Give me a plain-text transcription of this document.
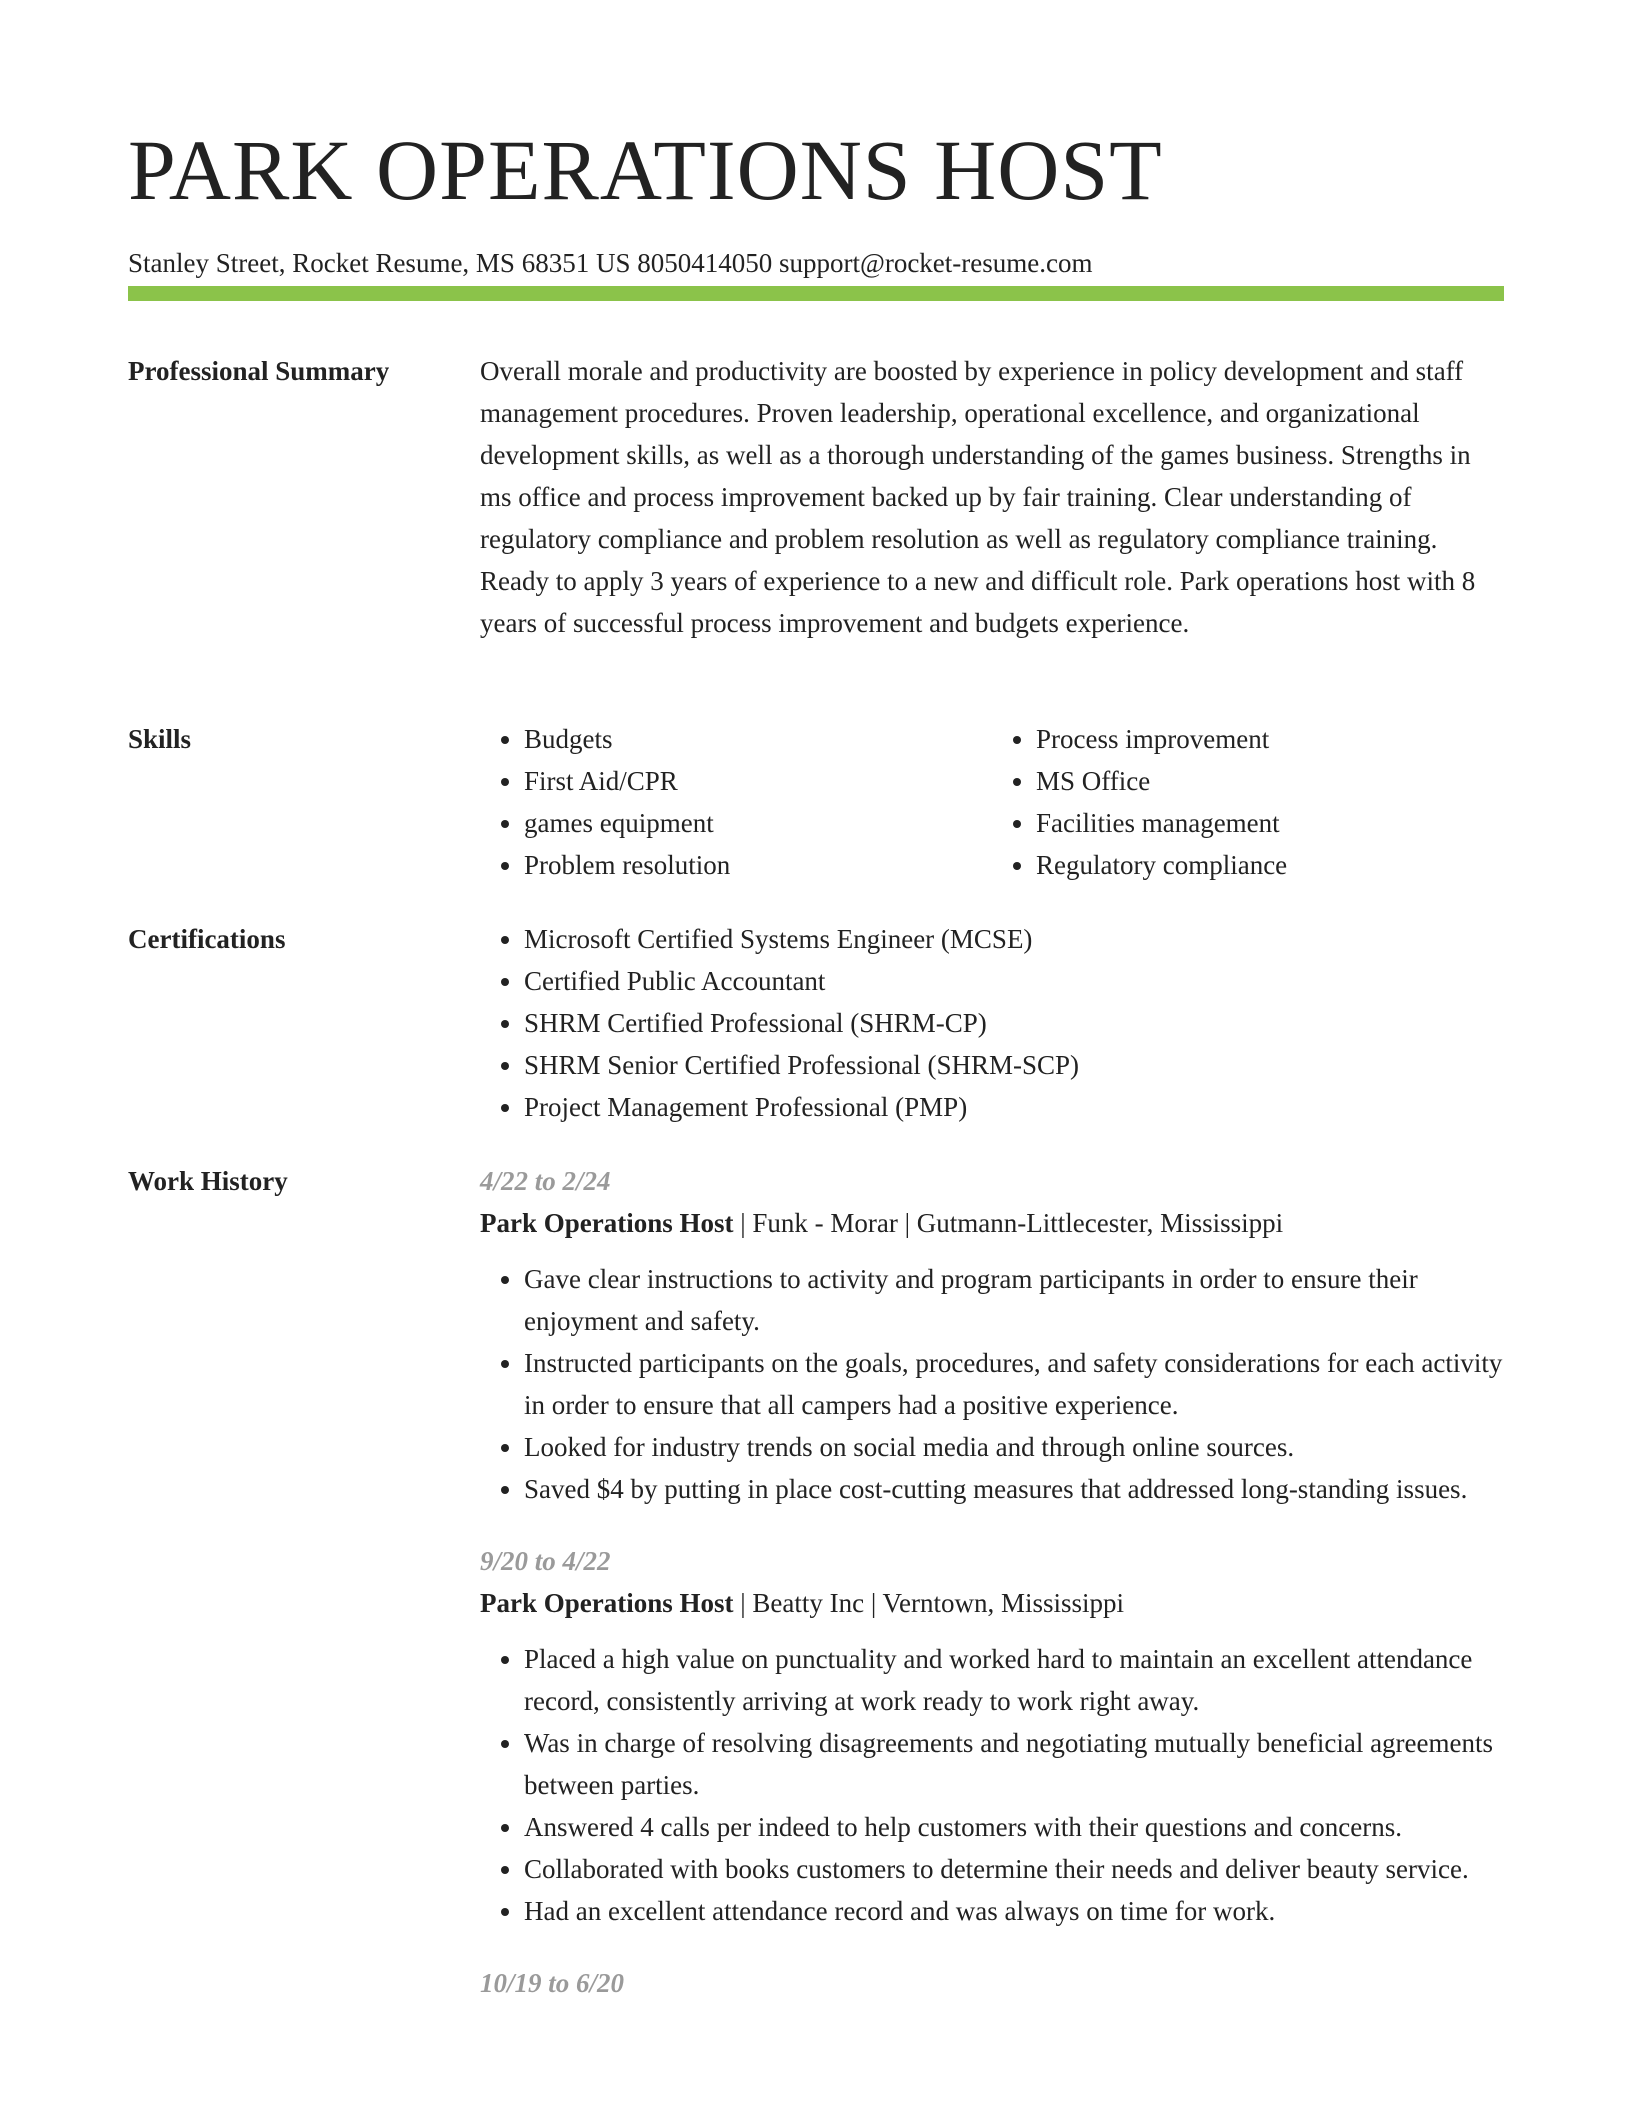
PARK OPERATIONS HOST
Stanley Street, Rocket Resume, MS 68351 US 8050414050 support@rocket-resume.com
Professional Summary	Overall morale and productivity are boosted by experience in policy development and staff management procedures. Proven leadership, operational excellence, and organizational development skills, as well as a thorough understanding of the games business. Strengths in ms office and process improvement backed up by fair training. Clear understanding of regulatory compliance and problem resolution as well as regulatory compliance training. Ready to apply 3 years of experience to a new and difficult role. Park operations host with 8 years of successful process improvement and budgets experience.

Skills	• Budgets
• First Aid/CPR
• games equipment
• Problem resolution
• Process improvement
• MS Office
• Facilities management
• Regulatory compliance
Certifications	• Microsoft Certified Systems Engineer (MCSE)
• Certified Public Accountant
• SHRM Certified Professional (SHRM-CP)
• SHRM Senior Certified Professional (SHRM-SCP)
• Project Management Professional (PMP)
Work History	4/22 to 2/24
Park Operations Host | Funk - Morar | Gutmann-Littlecester, Mississippi
• Gave clear instructions to activity and program participants in order to ensure their enjoyment and safety.
• Instructed participants on the goals, procedures, and safety considerations for each activity in order to ensure that all campers had a positive experience.
• Looked for industry trends on social media and through online sources.
• Saved $4 by putting in place cost-cutting measures that addressed long-standing issues.
9/20 to 4/22
Park Operations Host | Beatty Inc | Verntown, Mississippi
• Placed a high value on punctuality and worked hard to maintain an excellent attendance record, consistently arriving at work ready to work right away.
• Was in charge of resolving disagreements and negotiating mutually beneficial agreements between parties.
• Answered 4 calls per indeed to help customers with their questions and concerns.
• Collaborated with books customers to determine their needs and deliver beauty service.
• Had an excellent attendance record and was always on time for work.
10/19 to 6/20
